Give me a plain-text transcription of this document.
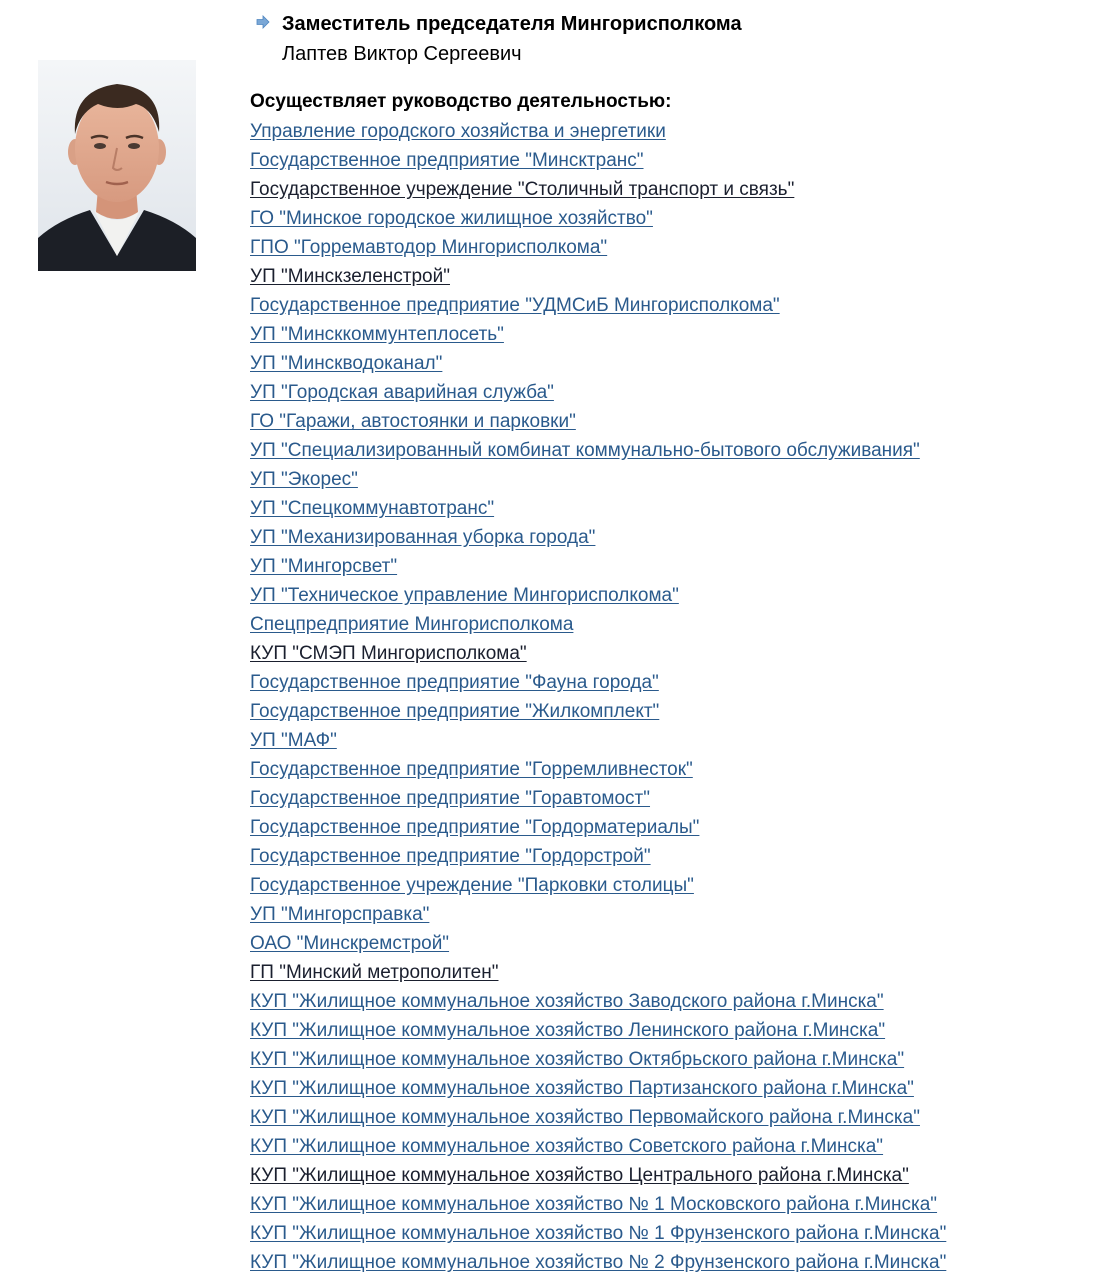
Заместитель председателя Мингорисполкома
Лаптев Виктор Сергеевич
Осуществляет руководство деятельностью:
Управление городского хозяйства и энергетики
Государственное предприятие "Минсктранс"
Государственное учреждение "Столичный транспорт и связь"
ГО "Минское городское жилищное хозяйство"
ГПО "Горремавтодор Мингорисполкома"
УП "Минскзеленстрой"
Государственное предприятие "УДМСиБ Мингорисполкома"
УП "Минсккоммунтеплосеть"
УП "Минскводоканал"
УП "Городская аварийная служба"
ГО "Гаражи, автостоянки и парковки"
УП "Специализированный комбинат коммунально-бытового обслуживания"
УП "Экорес"
УП "Спецкоммунавтотранс"
УП "Механизированная уборка города"
УП "Мингорсвет"
УП "Техническое управление Мингорисполкома"
Спецпредприятие Мингорисполкома
КУП "СМЭП Мингорисполкома"
Государственное предприятие "Фауна города"
Государственное предприятие "Жилкомплект"
УП "МАФ"
Государственное предприятие "Горремливнесток"
Государственное предприятие "Горавтомост"
Государственное предприятие "Гордорматериалы"
Государственное предприятие "Гордорстрой"
Государственное учреждение "Парковки столицы"
УП "Мингорсправка"
ОАО "Минскремстрой"
ГП "Минский метрополитен"
КУП "Жилищное коммунальное хозяйство Заводского района г.Минска"
КУП "Жилищное коммунальное хозяйство Ленинского района г.Минска"
КУП "Жилищное коммунальное хозяйство Октябрьского района г.Минска"
КУП "Жилищное коммунальное хозяйство Партизанского района г.Минска"
КУП "Жилищное коммунальное хозяйство Первомайского района г.Минска"
КУП "Жилищное коммунальное хозяйство Советского района г.Минска"
КУП "Жилищное коммунальное хозяйство Центрального района г.Минска"
КУП "Жилищное коммунальное хозяйство № 1 Московского района г.Минска"
КУП "Жилищное коммунальное хозяйство № 1 Фрунзенского района г.Минска"
КУП "Жилищное коммунальное хозяйство № 2 Фрунзенского района г.Минска"
